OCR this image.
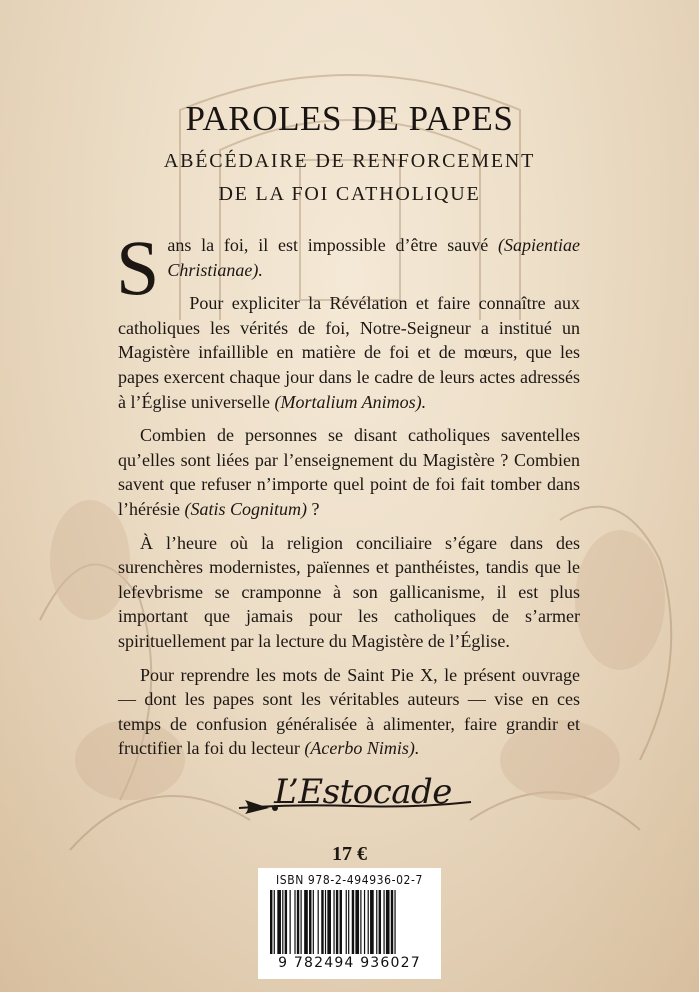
PAROLES DE PAPES
ABÉCÉDAIRE DE RENFORCEMENT
DE LA FOI CATHOLIQUE

Sans la foi, il est impossible d’être sauvé (Sapientiae Christianae).

Pour expliciter la Révélation et faire connaître aux catholiques les vérités de foi, Notre-Seigneur a institué un Magistère infaillible en matière de foi et de mœurs, que les papes exercent chaque jour dans le cadre de leurs actes adressés à l’Église universelle (Mortalium Animos).

Combien de personnes se disant catholiques saventelles qu’elles sont liées par l’enseignement du Magistère ? Combien savent que refuser n’importe quel point de foi fait tomber dans l’hérésie (Satis Cognitum) ?

À l’heure où la religion conciliaire s’égare dans des surenchères modernistes, païennes et panthéistes, tandis que le lefevbrisme se cramponne à son gallicanisme, il est plus important que jamais pour les catholiques de s’armer spirituellement par la lecture du Magistère de l’Église.

Pour reprendre les mots de Saint Pie X, le présent ouvrage — dont les papes sont les véritables auteurs — vise en ces temps de confusion généralisée à alimenter, faire grandir et fructifier la foi du lecteur (Acerbo Nimis).

L’Estocade
17 €
ISBN 978-2-494936-02-7
9 782494 936027
